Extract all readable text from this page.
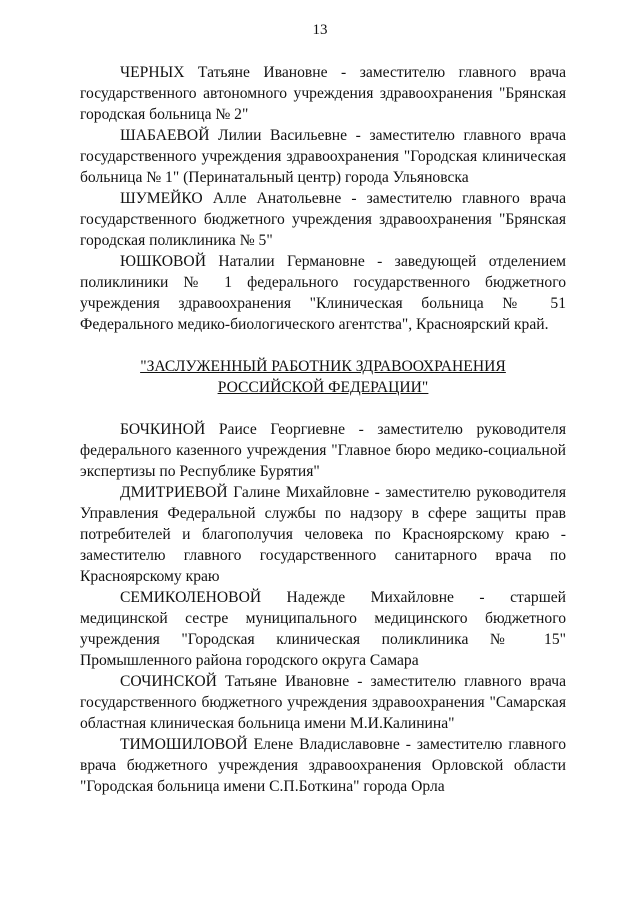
13

ЧЕРНЫХ Татьяне Ивановне - заместителю главного врача государственного автономного учреждения здравоохранения "Брянская городская больница № 2"

ШАБАЕВОЙ Лилии Васильевне - заместителю главного врача государственного учреждения здравоохранения "Городская клиническая больница № 1" (Перинатальный центр) города Ульяновска

ШУМЕЙКО Алле Анатольевне - заместителю главного врача государственного бюджетного учреждения здравоохранения "Брянская городская поликлиника № 5"

ЮШКОВОЙ Наталии Германовне - заведующей отделением поликлиники № 1 федерального государственного бюджетного учреждения здравоохранения "Клиническая больница № 51 Федерального медико-биологического агентства", Красноярский край.

"ЗАСЛУЖЕННЫЙ РАБОТНИК ЗДРАВООХРАНЕНИЯ
РОССИЙСКОЙ ФЕДЕРАЦИИ"

БОЧКИНОЙ Раисе Георгиевне - заместителю руководителя федерального казенного учреждения "Главное бюро медико-социальной экспертизы по Республике Бурятия"

ДМИТРИЕВОЙ Галине Михайловне - заместителю руководителя Управления Федеральной службы по надзору в сфере защиты прав потребителей и благополучия человека по Красноярскому краю - заместителю главного государственного санитарного врача по Красноярскому краю

СЕМИКОЛЕНОВОЙ Надежде Михайловне - старшей медицинской сестре муниципального медицинского бюджетного учреждения "Городская клиническая поликлиника № 15" Промышленного района городского округа Самара

СОЧИНСКОЙ Татьяне Ивановне - заместителю главного врача государственного бюджетного учреждения здравоохранения "Самарская областная клиническая больница имени М.И.Калинина"

ТИМОШИЛОВОЙ Елене Владиславовне - заместителю главного врача бюджетного учреждения здравоохранения Орловской области "Городская больница имени С.П.Боткина" города Орла
